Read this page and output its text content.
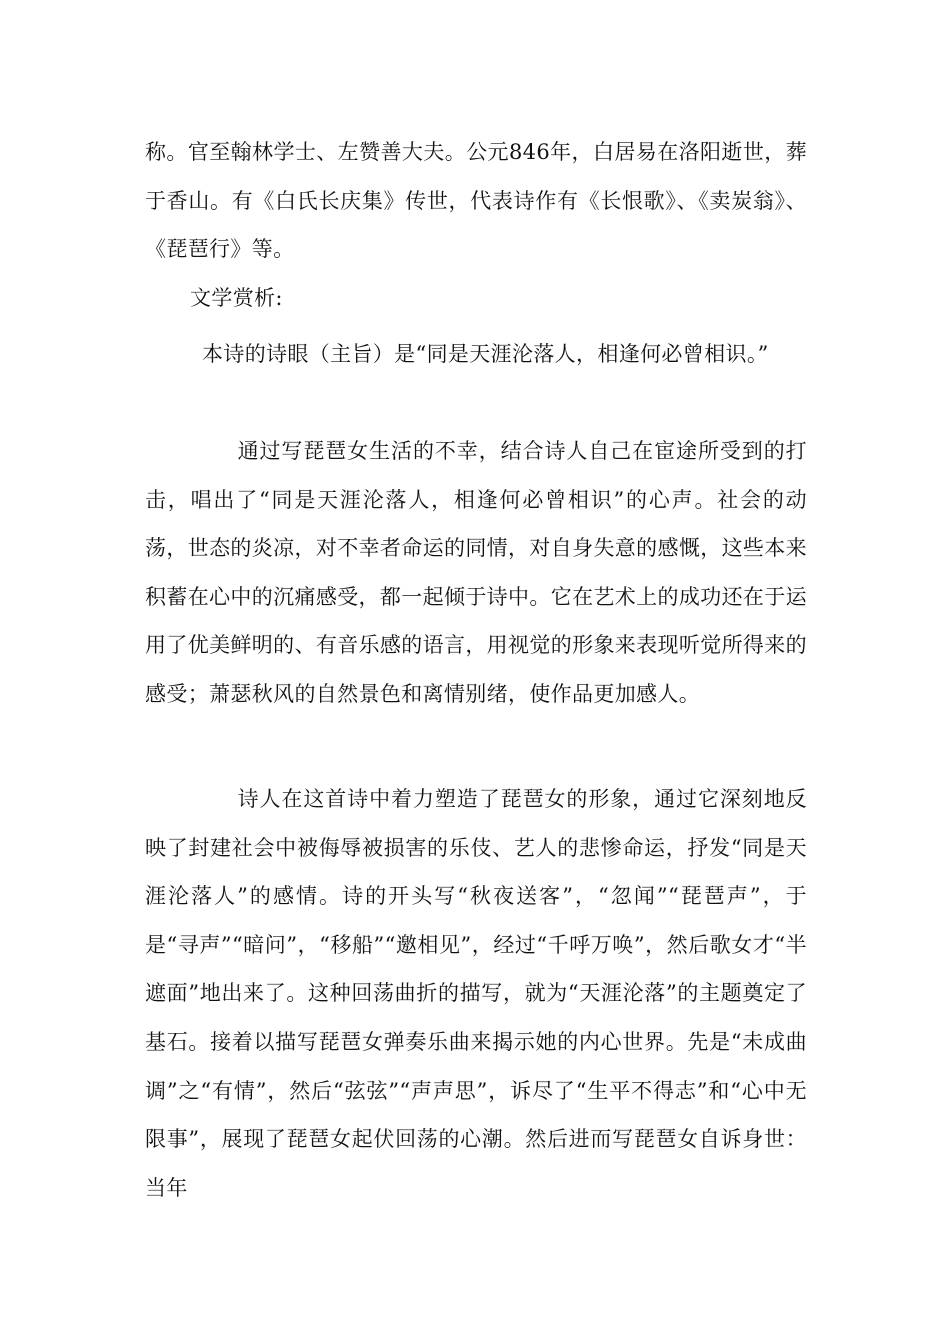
称。官至翰林学士、左赞善大夫。公元846年，白居易在洛阳逝世，葬于香山。有《白氏长庆集》传世，代表诗作有《长恨歌》、《卖炭翁》、《琵琶行》等。

文学赏析:

本诗的诗眼（主旨）是“同是天涯沦落人，相逢何必曾相识。”

通过写琵琶女生活的不幸，结合诗人自己在宦途所受到的打击，唱出了“同是天涯沦落人，相逢何必曾相识”的心声。社会的动荡，世态的炎凉，对不幸者命运的同情，对自身失意的感慨，这些本来积蓄在心中的沉痛感受，都一起倾于诗中。它在艺术上的成功还在于运用了优美鲜明的、有音乐感的语言，用视觉的形象来表现听觉所得来的感受；萧瑟秋风的自然景色和离情别绪，使作品更加感人。

诗人在这首诗中着力塑造了琵琶女的形象，通过它深刻地反映了封建社会中被侮辱被损害的乐伎、艺人的悲惨命运，抒发“同是天涯沦落人”的感情。诗的开头写“秋夜送客”，“忽闻”“琵琶声”，于是“寻声”“暗问”，“移船”“邀相见”，经过“千呼万唤”，然后歌女才“半遮面”地出来了。这种回荡曲折的描写，就为“天涯沦落”的主题奠定了基石。接着以描写琵琶女弹奏乐曲来揭示她的内心世界。先是“未成曲调”之“有情”，然后“弦弦”“声声思”，诉尽了“生平不得志”和“心中无限事”，展现了琵琶女起伏回荡的心潮。然后进而写琵琶女自诉身世：当年
